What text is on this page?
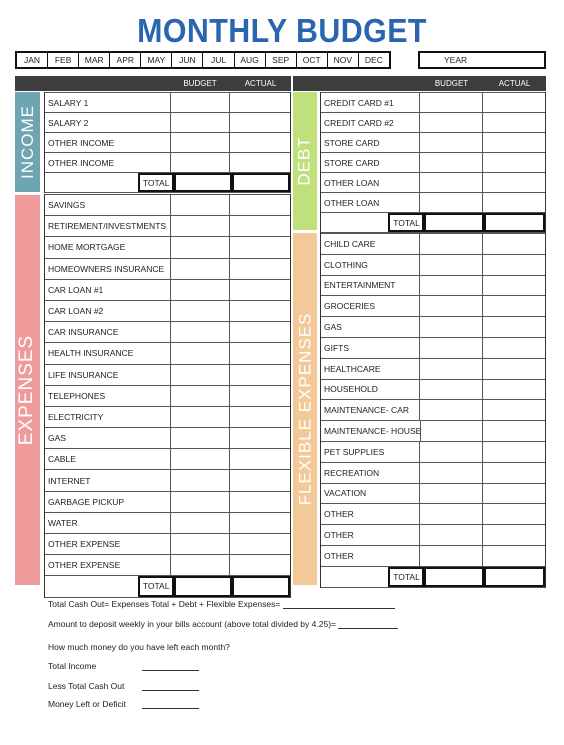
MONTHLY BUDGET
JAN	FEB	MAR	APR	MAY	JUN	JUL	AUG	SEP	OCT	NOV	DEC	YEAR
BUDGET	ACTUAL	BUDGET	ACTUAL
INCOME
EXPENSES
DEBT
FLEXIBLE EXPENSES
SALARY 1
SALARY 2
OTHER INCOME
OTHER INCOME
TOTAL
SAVINGS
RETIREMENT/INVESTMENTS
HOME MORTGAGE
HOMEOWNERS INSURANCE
CAR LOAN #1
CAR LOAN #2
CAR INSURANCE
HEALTH INSURANCE
LIFE INSURANCE
TELEPHONES
ELECTRICITY
GAS
CABLE
INTERNET
GARBAGE PICKUP
WATER
OTHER EXPENSE
OTHER EXPENSE
TOTAL
CREDIT CARD #1
CREDIT CARD #2
STORE CARD
STORE CARD
OTHER LOAN
OTHER LOAN
TOTAL
CHILD CARE
CLOTHING
ENTERTAINMENT
GROCERIES
GAS
GIFTS
HEALTHCARE
HOUSEHOLD
MAINTENANCE- CAR
MAINTENANCE- HOUSE
PET SUPPLIES
RECREATION
VACATION
OTHER
OTHER
OTHER
TOTAL
Total Cash Out= Expenses Total + Debt + Flexible Expenses=
Amount to deposit weekly in your bills account (above total divided by 4.25)=
How much money do you have left each month?
Total Income
Less Total Cash Out
Money Left or Deficit
